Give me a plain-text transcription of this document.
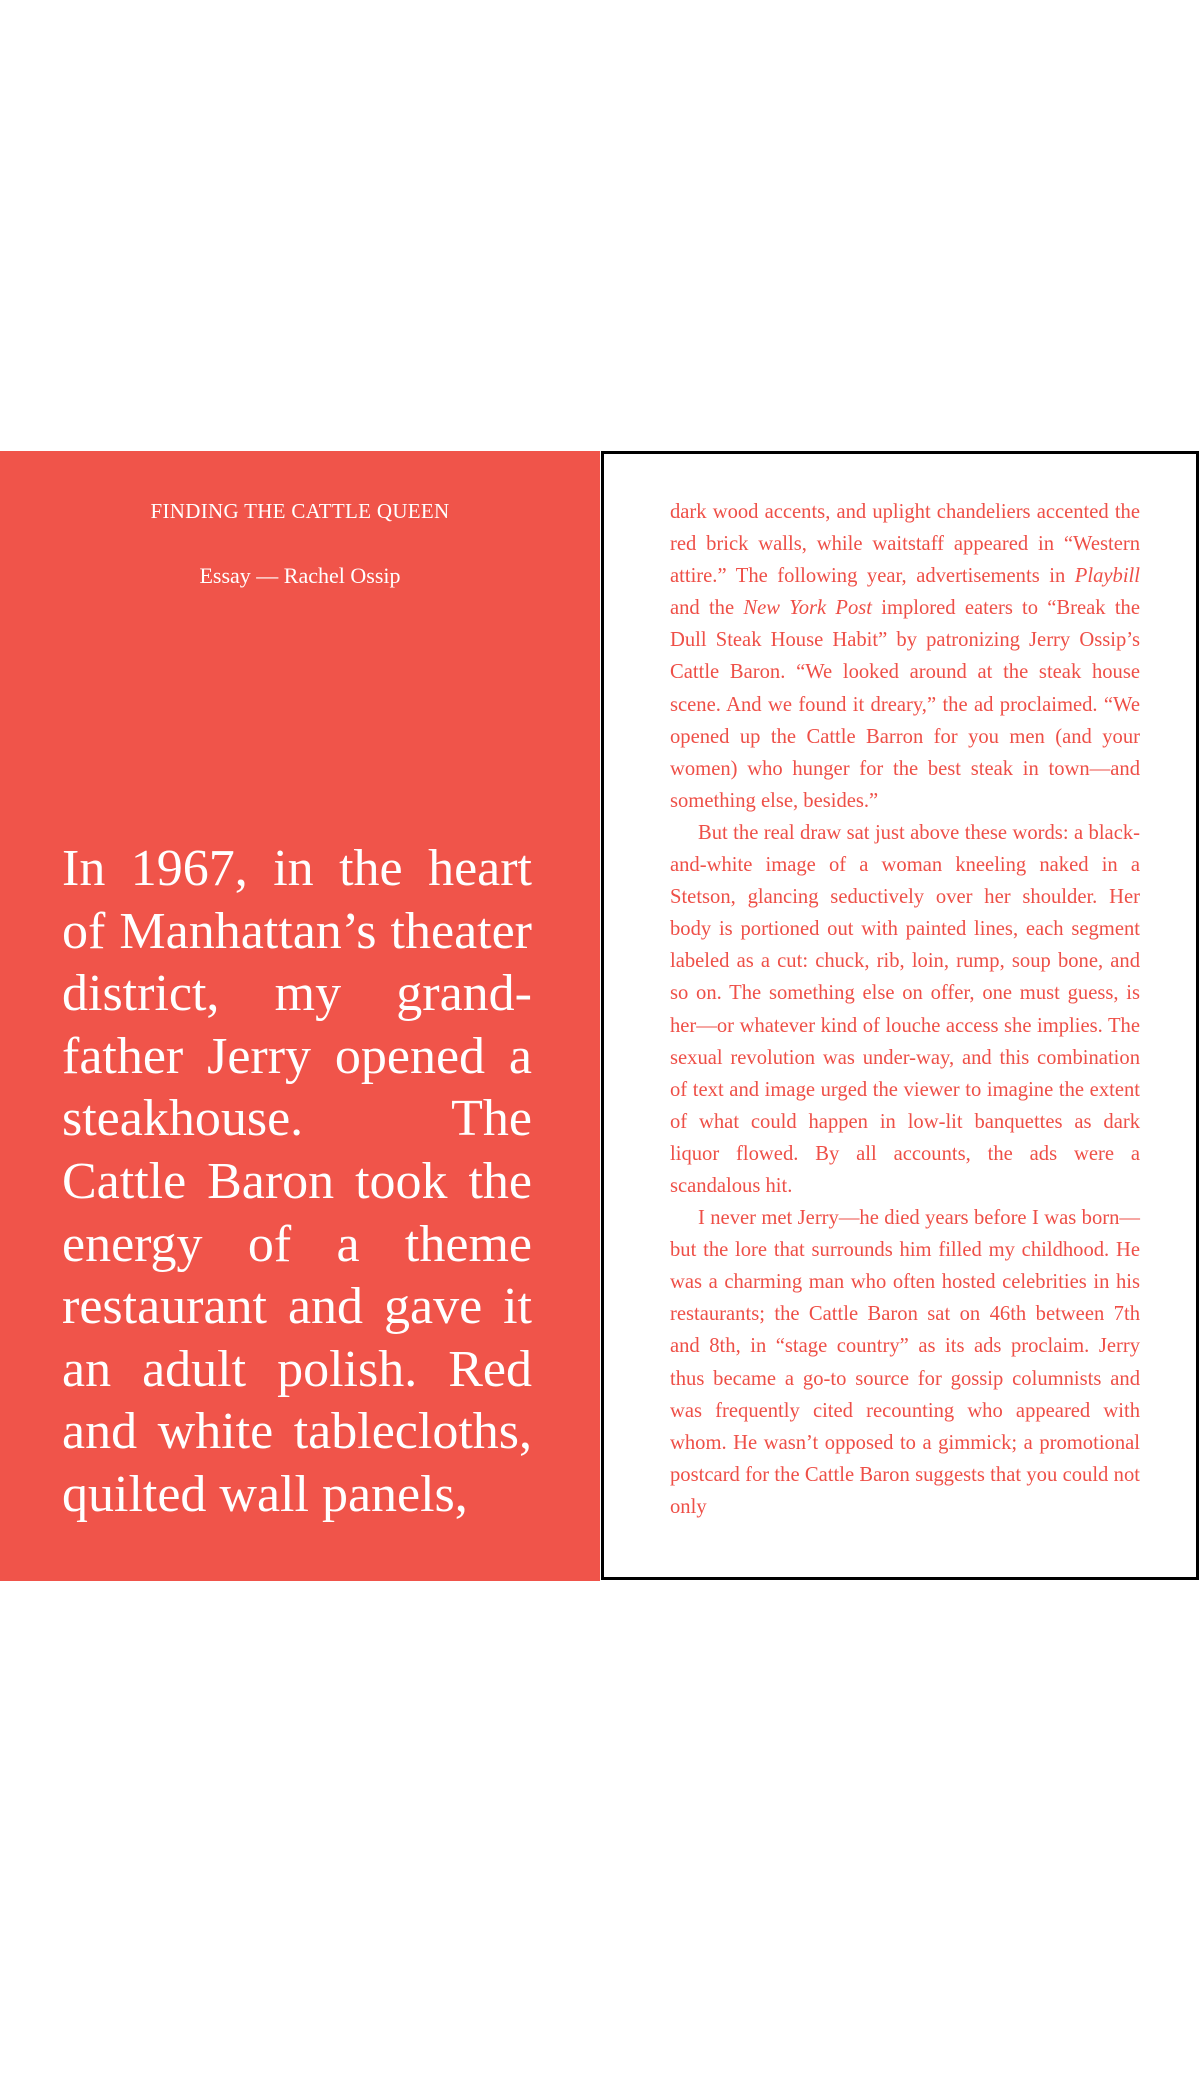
FINDING THE CATTLE QUEEN
Essay — Rachel Ossip

In 1967, in the heart of Manhattan’s theater district, my grand-father Jerry opened a steakhouse. The Cattle Baron took the energy of a theme restaurant and gave it an adult polish. Red and white tablecloths, quilted wall panels,

dark wood accents, and uplight chandeliers accented the red brick walls, while waitstaff appeared in “Western attire.” The following year, advertisements in Playbill and the New York Post implored eaters to “Break the Dull Steak House Habit” by patronizing Jerry Ossip’s Cattle Baron. “We looked around at the steak house scene. And we found it dreary,” the ad proclaimed. “We opened up the Cattle Barron for you men (and your women) who hunger for the best steak in town—and something else, besides.”

But the real draw sat just above these words: a black-and-white image of a woman kneeling naked in a Stetson, glancing seductively over her shoulder. Her body is portioned out with painted lines, each segment labeled as a cut: chuck, rib, loin, rump, soup bone, and so on. The something else on offer, one must guess, is her—or whatever kind of louche access she implies. The sexual revolution was under-way, and this combination of text and image urged the viewer to imagine the extent of what could happen in low-lit banquettes as dark liquor flowed. By all accounts, the ads were a scandalous hit.

I never met Jerry—he died years before I was born—but the lore that surrounds him filled my childhood. He was a charming man who often hosted celebrities in his restaurants; the Cattle Baron sat on 46th between 7th and 8th, in “stage country” as its ads proclaim. Jerry thus became a go-to source for gossip columnists and was frequently cited recounting who appeared with whom. He wasn’t opposed to a gimmick; a promotional postcard for the Cattle Baron suggests that you could not only
